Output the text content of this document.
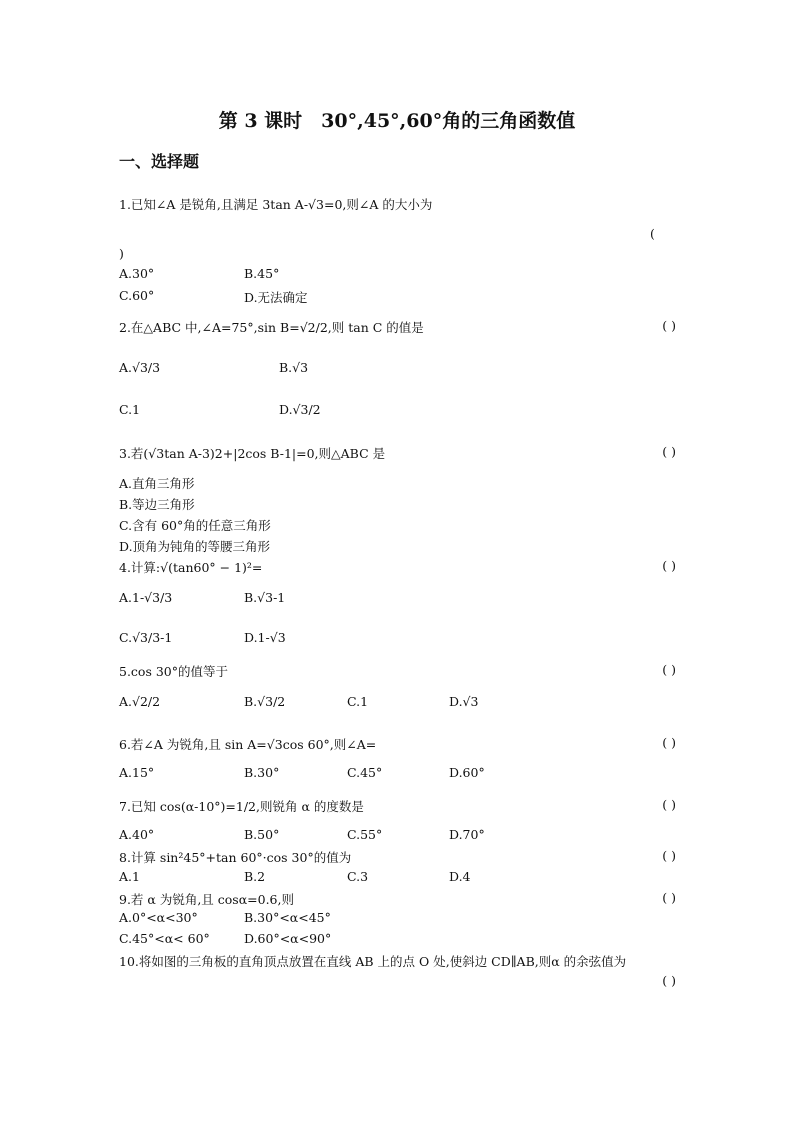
第 3 课时　30°,45°,60°角的三角函数值
一、选择题
1.已知∠A 是锐角,且满足 3tan A-√3=0,则∠A 的大小为
(
)
A.30°	B.45°
C.60°	D.无法确定
2.在△ABC 中,∠A=75°,sin B=√2/2,则 tan C 的值是	( )
A.√3/3	B.√3
C.1	D.√3/2
3.若(√3tan A-3)2+|2cos B-1|=0,则△ABC 是	( )
A.直角三角形
B.等边三角形
C.含有 60°角的任意三角形
D.顶角为钝角的等腰三角形
4.计算:√(tan60° − 1)²=	( )
A.1-√3/3	B.√3-1
C.√3/3-1	D.1-√3
5.cos 30°的值等于	( )
A.√2/2	B.√3/2	C.1	D.√3
6.若∠A 为锐角,且 sin A=√3cos 60°,则∠A=	( )
A.15°	B.30°	C.45°	D.60°
7.已知 cos(α-10°)=1/2,则锐角 α 的度数是	( )
A.40°	B.50°	C.55°	D.70°
8.计算 sin²45°+tan 60°·cos 30°的值为	( )
A.1	B.2	C.3	D.4
9.若 α 为锐角,且 cosα=0.6,则	( )
A.0°<α<30°	B.30°<α<45°
C.45°<α< 60°	D.60°<α<90°
10.将如图的三角板的直角顶点放置在直线 AB 上的点 O 处,使斜边 CD∥AB,则α 的余弦值为
( )
